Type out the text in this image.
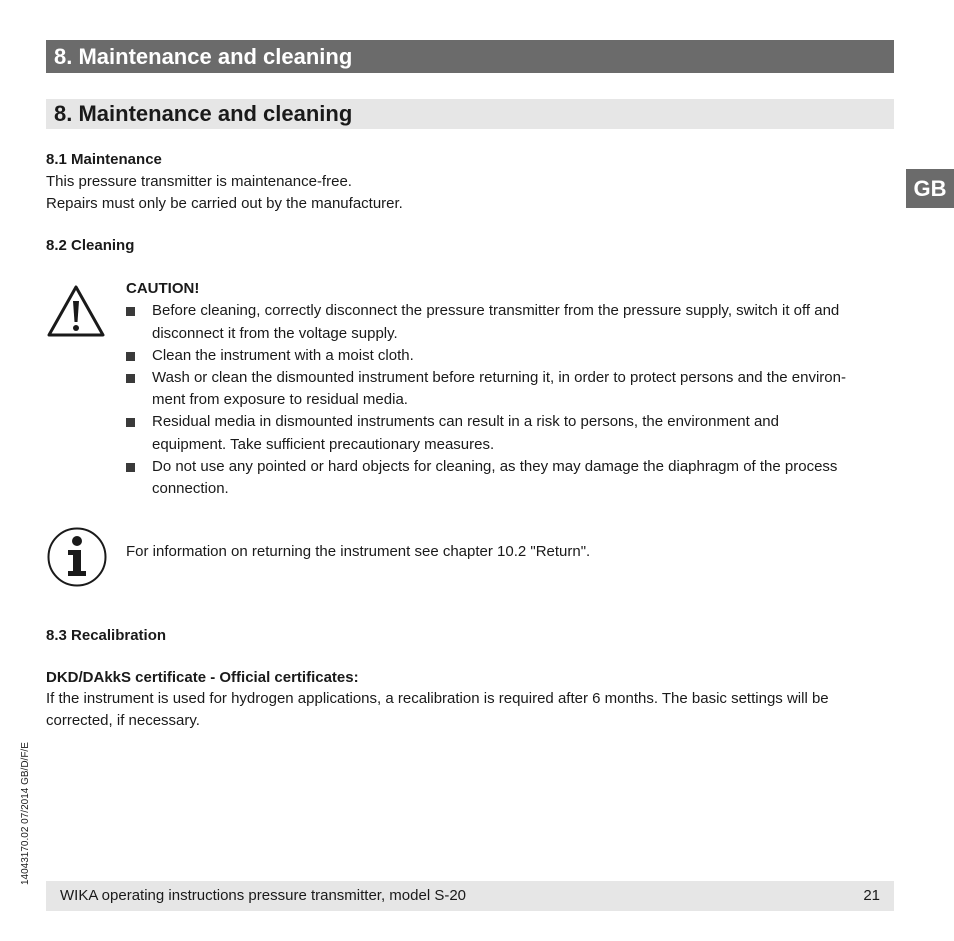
8. Maintenance and cleaning
8. Maintenance and cleaning
GB
8.1 Maintenance
This pressure transmitter is maintenance-free.
Repairs must only be carried out by the manufacturer.
8.2 Cleaning
CAUTION!
Before cleaning, correctly disconnect the pressure transmitter from the pressure supply, switch it off and
disconnect it from the voltage supply.
Clean the instrument with a moist cloth.
Wash or clean the dismounted instrument before returning it, in order to protect persons and the environ-
ment from exposure to residual media.
Residual media in dismounted instruments can result in a risk to persons, the environment and
equipment. Take sufficient precautionary measures.
Do not use any pointed or hard objects for cleaning, as they may damage the diaphragm of the process
connection.
For information on returning the instrument see chapter 10.2 "Return".
8.3 Recalibration
DKD/DAkkS certificate - Official certificates:
If the instrument is used for hydrogen applications, a recalibration is required after 6 months. The basic settings will be
corrected, if necessary.
14043170.02 07/2014 GB/D/F/E
WIKA operating instructions pressure transmitter, model S-20	21
